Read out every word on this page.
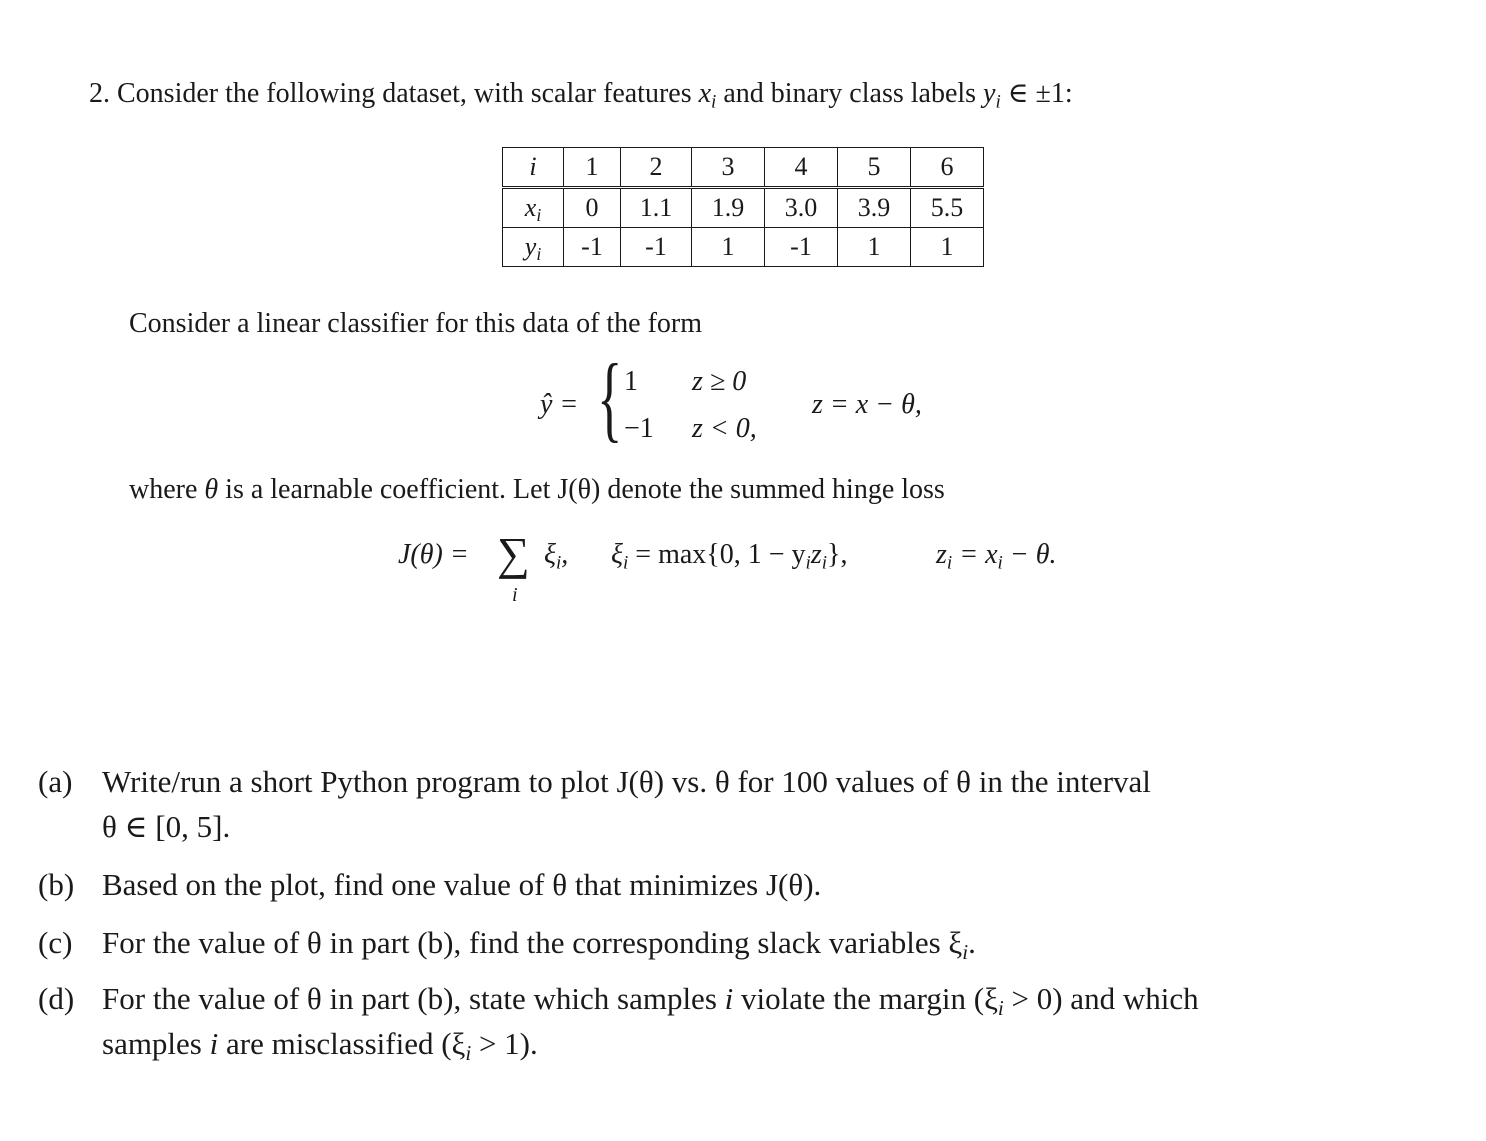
2. Consider the following dataset, with scalar features $x_i$ and binary class labels $y_i$ ∈ ±1:
i	1	2	3	4	5	6
$x_i$	0	1.1	1.9	3.0	3.9	5.5
$y_i$	-1	-1	1	-1	1	1
Consider a linear classifier for this data of the form
ŷ = { 1 z ≥ 0
−1 z < 0,
z = x − θ,
where θ is a learnable coefficient. Let J(θ) denote the summed hinge loss
J(θ) = ∑
i
$\xi_i$, $\xi_i = \max\{0$, $1 - y_iz_i$},	$z_i = x_i - \theta$.
(a) Write/run a short Python program to plot J(θ) vs. θ for 100 values of θ in the interval
θ ∈ [0, 5].
(b) Based on the plot, find one value of θ that minimizes J(θ).
(c) For the value of θ in part (b), find the corresponding slack variables $\xi_i$.
(d) For the value of θ in part (b), state which samples i violate the margin $(\xi_i > 0)$ and which
samples i are misclassified $(\xi_i > 1)$.
